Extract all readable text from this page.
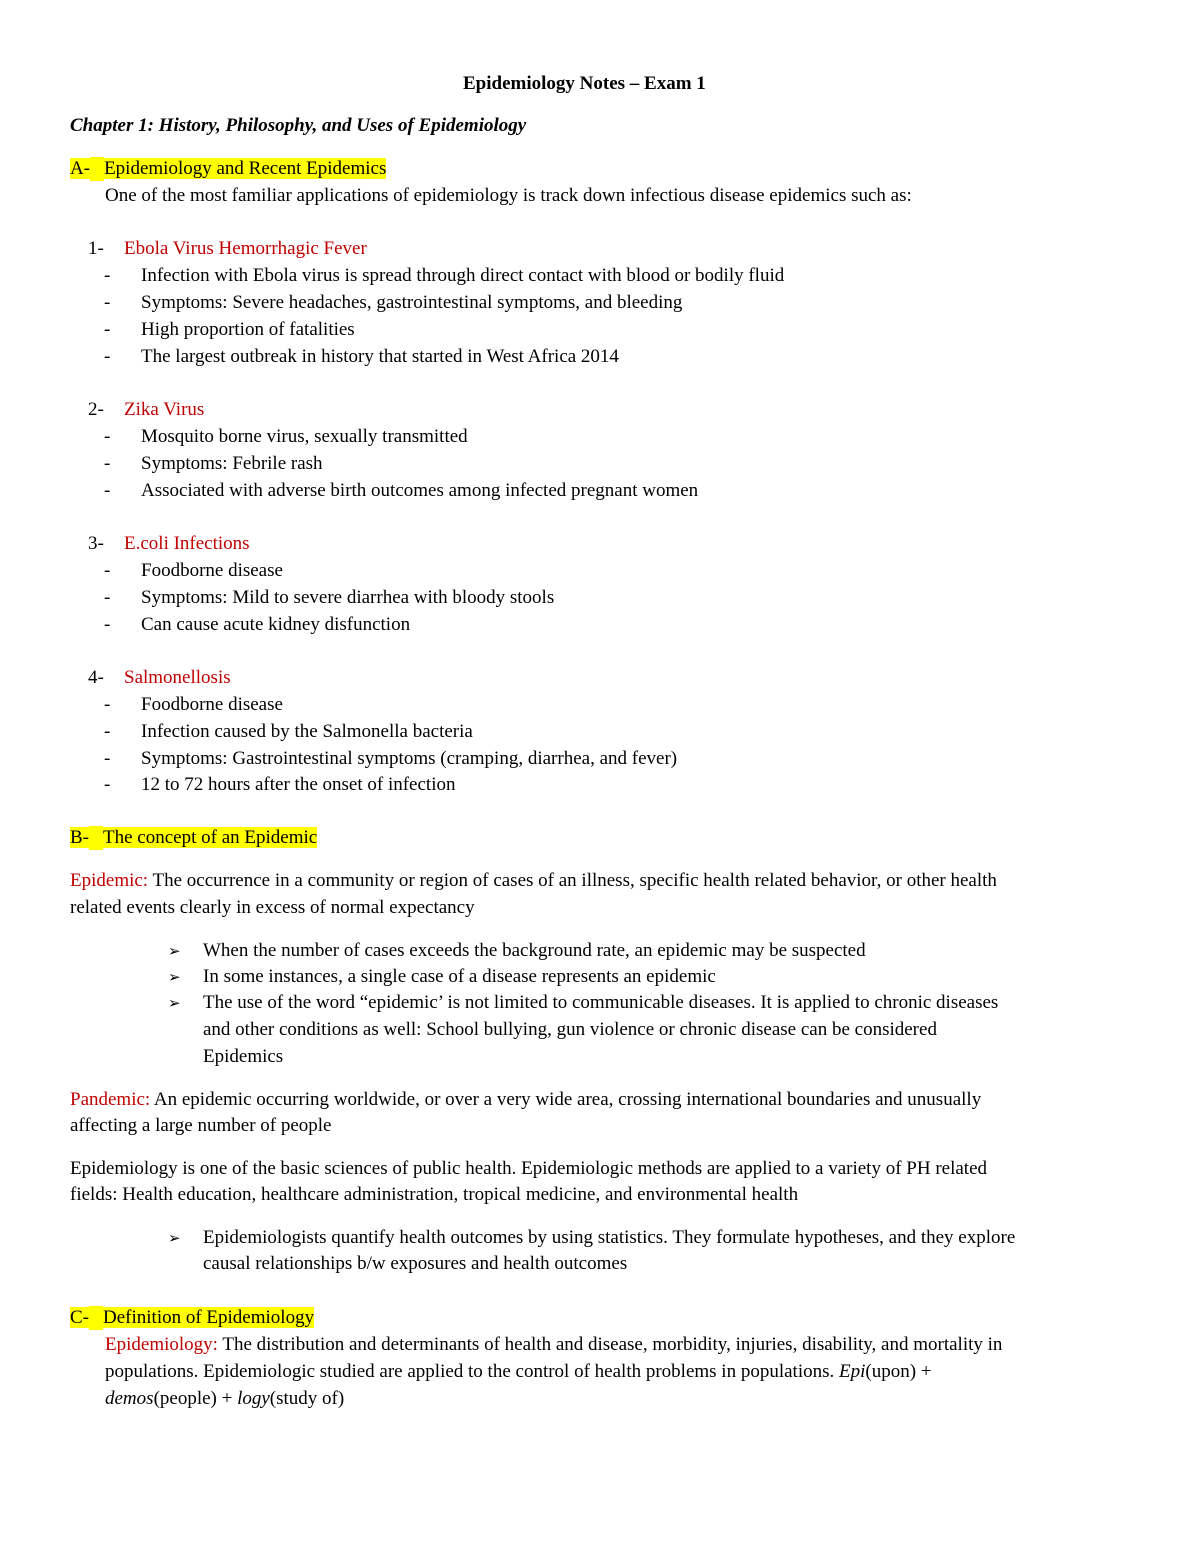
Epidemiology Notes – Exam 1
Chapter 1: History, Philosophy, and Uses of Epidemiology
A- Epidemiology and Recent Epidemics
One of the most familiar applications of epidemiology is track down infectious disease epidemics such as:
1- Ebola Virus Hemorrhagic Fever
- Infection with Ebola virus is spread through direct contact with blood or bodily fluid
- Symptoms: Severe headaches, gastrointestinal symptoms, and bleeding
- High proportion of fatalities
- The largest outbreak in history that started in West Africa 2014
2- Zika Virus
- Mosquito borne virus, sexually transmitted
- Symptoms: Febrile rash
- Associated with adverse birth outcomes among infected pregnant women
3- E.coli Infections
- Foodborne disease
- Symptoms: Mild to severe diarrhea with bloody stools
- Can cause acute kidney disfunction
4- Salmonellosis
- Foodborne disease
- Infection caused by the Salmonella bacteria
- Symptoms: Gastrointestinal symptoms (cramping, diarrhea, and fever)
- 12 to 72 hours after the onset of infection
B- The concept of an Epidemic
Epidemic: The occurrence in a community or region of cases of an illness, specific health related behavior, or other health
related events clearly in excess of normal expectancy
➢ When the number of cases exceeds the background rate, an epidemic may be suspected
➢ In some instances, a single case of a disease represents an epidemic
➢ The use of the word “epidemic’ is not limited to communicable diseases. It is applied to chronic diseases
and other conditions as well: School bullying, gun violence or chronic disease can be considered
Epidemics
Pandemic: An epidemic occurring worldwide, or over a very wide area, crossing international boundaries and unusually
affecting a large number of people
Epidemiology is one of the basic sciences of public health. Epidemiologic methods are applied to a variety of PH related
fields: Health education, healthcare administration, tropical medicine, and environmental health
➢ Epidemiologists quantify health outcomes by using statistics. They formulate hypotheses, and they explore
causal relationships b/w exposures and health outcomes
C- Definition of Epidemiology
Epidemiology: The distribution and determinants of health and disease, morbidity, injuries, disability, and mortality in
populations. Epidemiologic studied are applied to the control of health problems in populations. Epi(upon) +
demos(people) + logy(study of)
